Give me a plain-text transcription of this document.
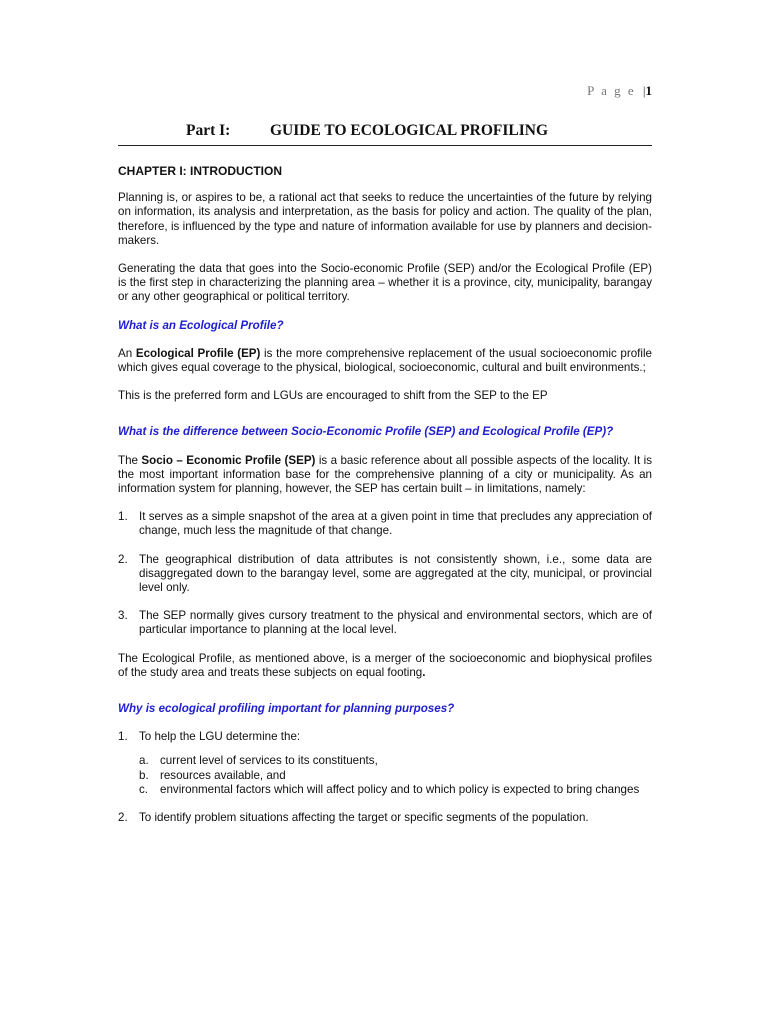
P a g e |1
Part I:	GUIDE TO ECOLOGICAL PROFILING
CHAPTER I: INTRODUCTION

Planning is, or aspires to be, a rational act that seeks to reduce the uncertainties of the future by relying on information, its analysis and interpretation, as the basis for policy and action. The quality of the plan, therefore, is influenced by the type and nature of information available for use by planners and decision-makers.

Generating the data that goes into the Socio-economic Profile (SEP) and/or the Ecological Profile (EP) is the first step in characterizing the planning area – whether it is a province, city, municipality, barangay or any other geographical or political territory.

What is an Ecological Profile?

An Ecological Profile (EP) is the more comprehensive replacement of the usual socioeconomic profile which gives equal coverage to the physical, biological, socioeconomic, cultural and built environments.;

This is the preferred form and LGUs are encouraged to shift from the SEP to the EP

What is the difference between Socio-Economic Profile (SEP) and Ecological Profile (EP)?

The Socio – Economic Profile (SEP) is a basic reference about all possible aspects of the locality. It is the most important information base for the comprehensive planning of a city or municipality. As an information system for planning, however, the SEP has certain built – in limitations, namely:

1. It serves as a simple snapshot of the area at a given point in time that precludes any appreciation of change, much less the magnitude of that change.
2. The geographical distribution of data attributes is not consistently shown, i.e., some data are disaggregated down to the barangay level, some are aggregated at the city, municipal, or provincial level only.
3. The SEP normally gives cursory treatment to the physical and environmental sectors, which are of particular importance to planning at the local level.

The Ecological Profile, as mentioned above, is a merger of the socioeconomic and biophysical profiles of the study area and treats these subjects on equal footing.

Why is ecological profiling important for planning purposes?
1. To help the LGU determine the:
a. current level of services to its constituents,
b. resources available, and
c.	environmental factors which will affect policy and to which policy is expected to bring changes
2. To identify problem situations affecting the target or specific segments of the population.
